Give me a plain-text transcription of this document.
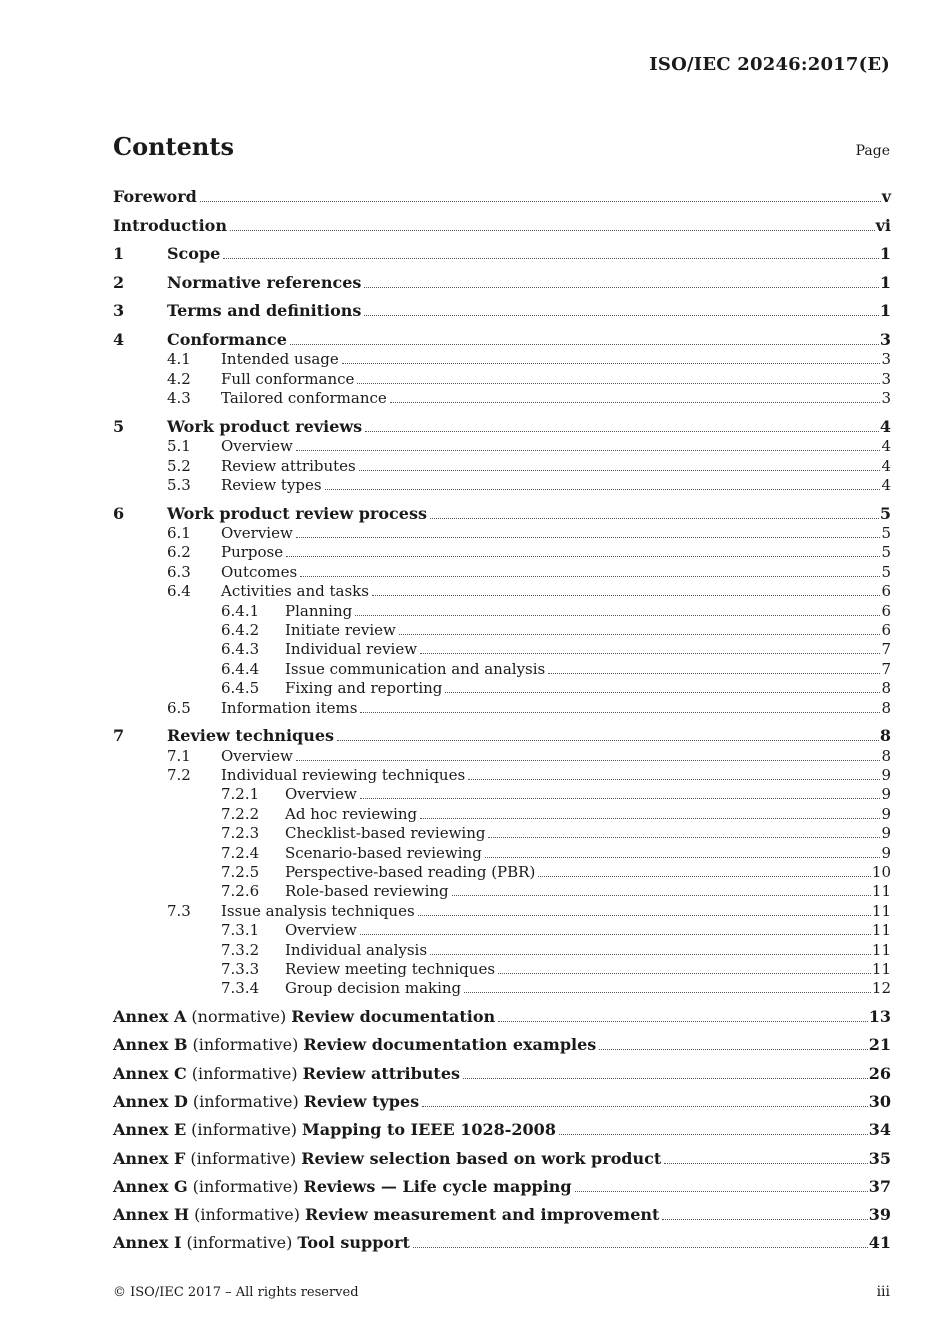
ISO/IEC 20246:2017(E)
Contents	Page
Foreword	v
Introduction	vi
1	Scope	1
2	Normative references	1
3	Terms and definitions	1
4	Conformance	3
4.1	Intended usage	3
4.2	Full conformance	3
4.3	Tailored conformance	3
5	Work product reviews	4
5.1	Overview	4
5.2	Review attributes	4
5.3	Review types	4
6	Work product review process	5
6.1	Overview	5
6.2	Purpose	5
6.3	Outcomes	5
6.4	Activities and tasks	6
6.4.1	Planning	6
6.4.2	Initiate review	6
6.4.3	Individual review	7
6.4.4	Issue communication and analysis	7
6.4.5	Fixing and reporting	8
6.5	Information items	8
7	Review techniques	8
7.1	Overview	8
7.2	Individual reviewing techniques	9
7.2.1	Overview	9
7.2.2	Ad hoc reviewing	9
7.2.3	Checklist-based reviewing	9
7.2.4	Scenario-based reviewing	9
7.2.5	Perspective-based reading (PBR)	10
7.2.6	Role-based reviewing	11
7.3	Issue analysis techniques	11
7.3.1	Overview	11
7.3.2	Individual analysis	11
7.3.3	Review meeting techniques	11
7.3.4	Group decision making	12
Annex A (normative) Review documentation	13
Annex B (informative) Review documentation examples	21
Annex C (informative) Review attributes	26
Annex D (informative) Review types	30
Annex E (informative) Mapping to IEEE 1028-2008	34
Annex F (informative) Review selection based on work product	35
Annex G (informative) Reviews — Life cycle mapping	37
Annex H (informative) Review measurement and improvement	39
Annex I (informative) Tool support	41
© ISO/IEC 2017 – All rights reserved	iii
